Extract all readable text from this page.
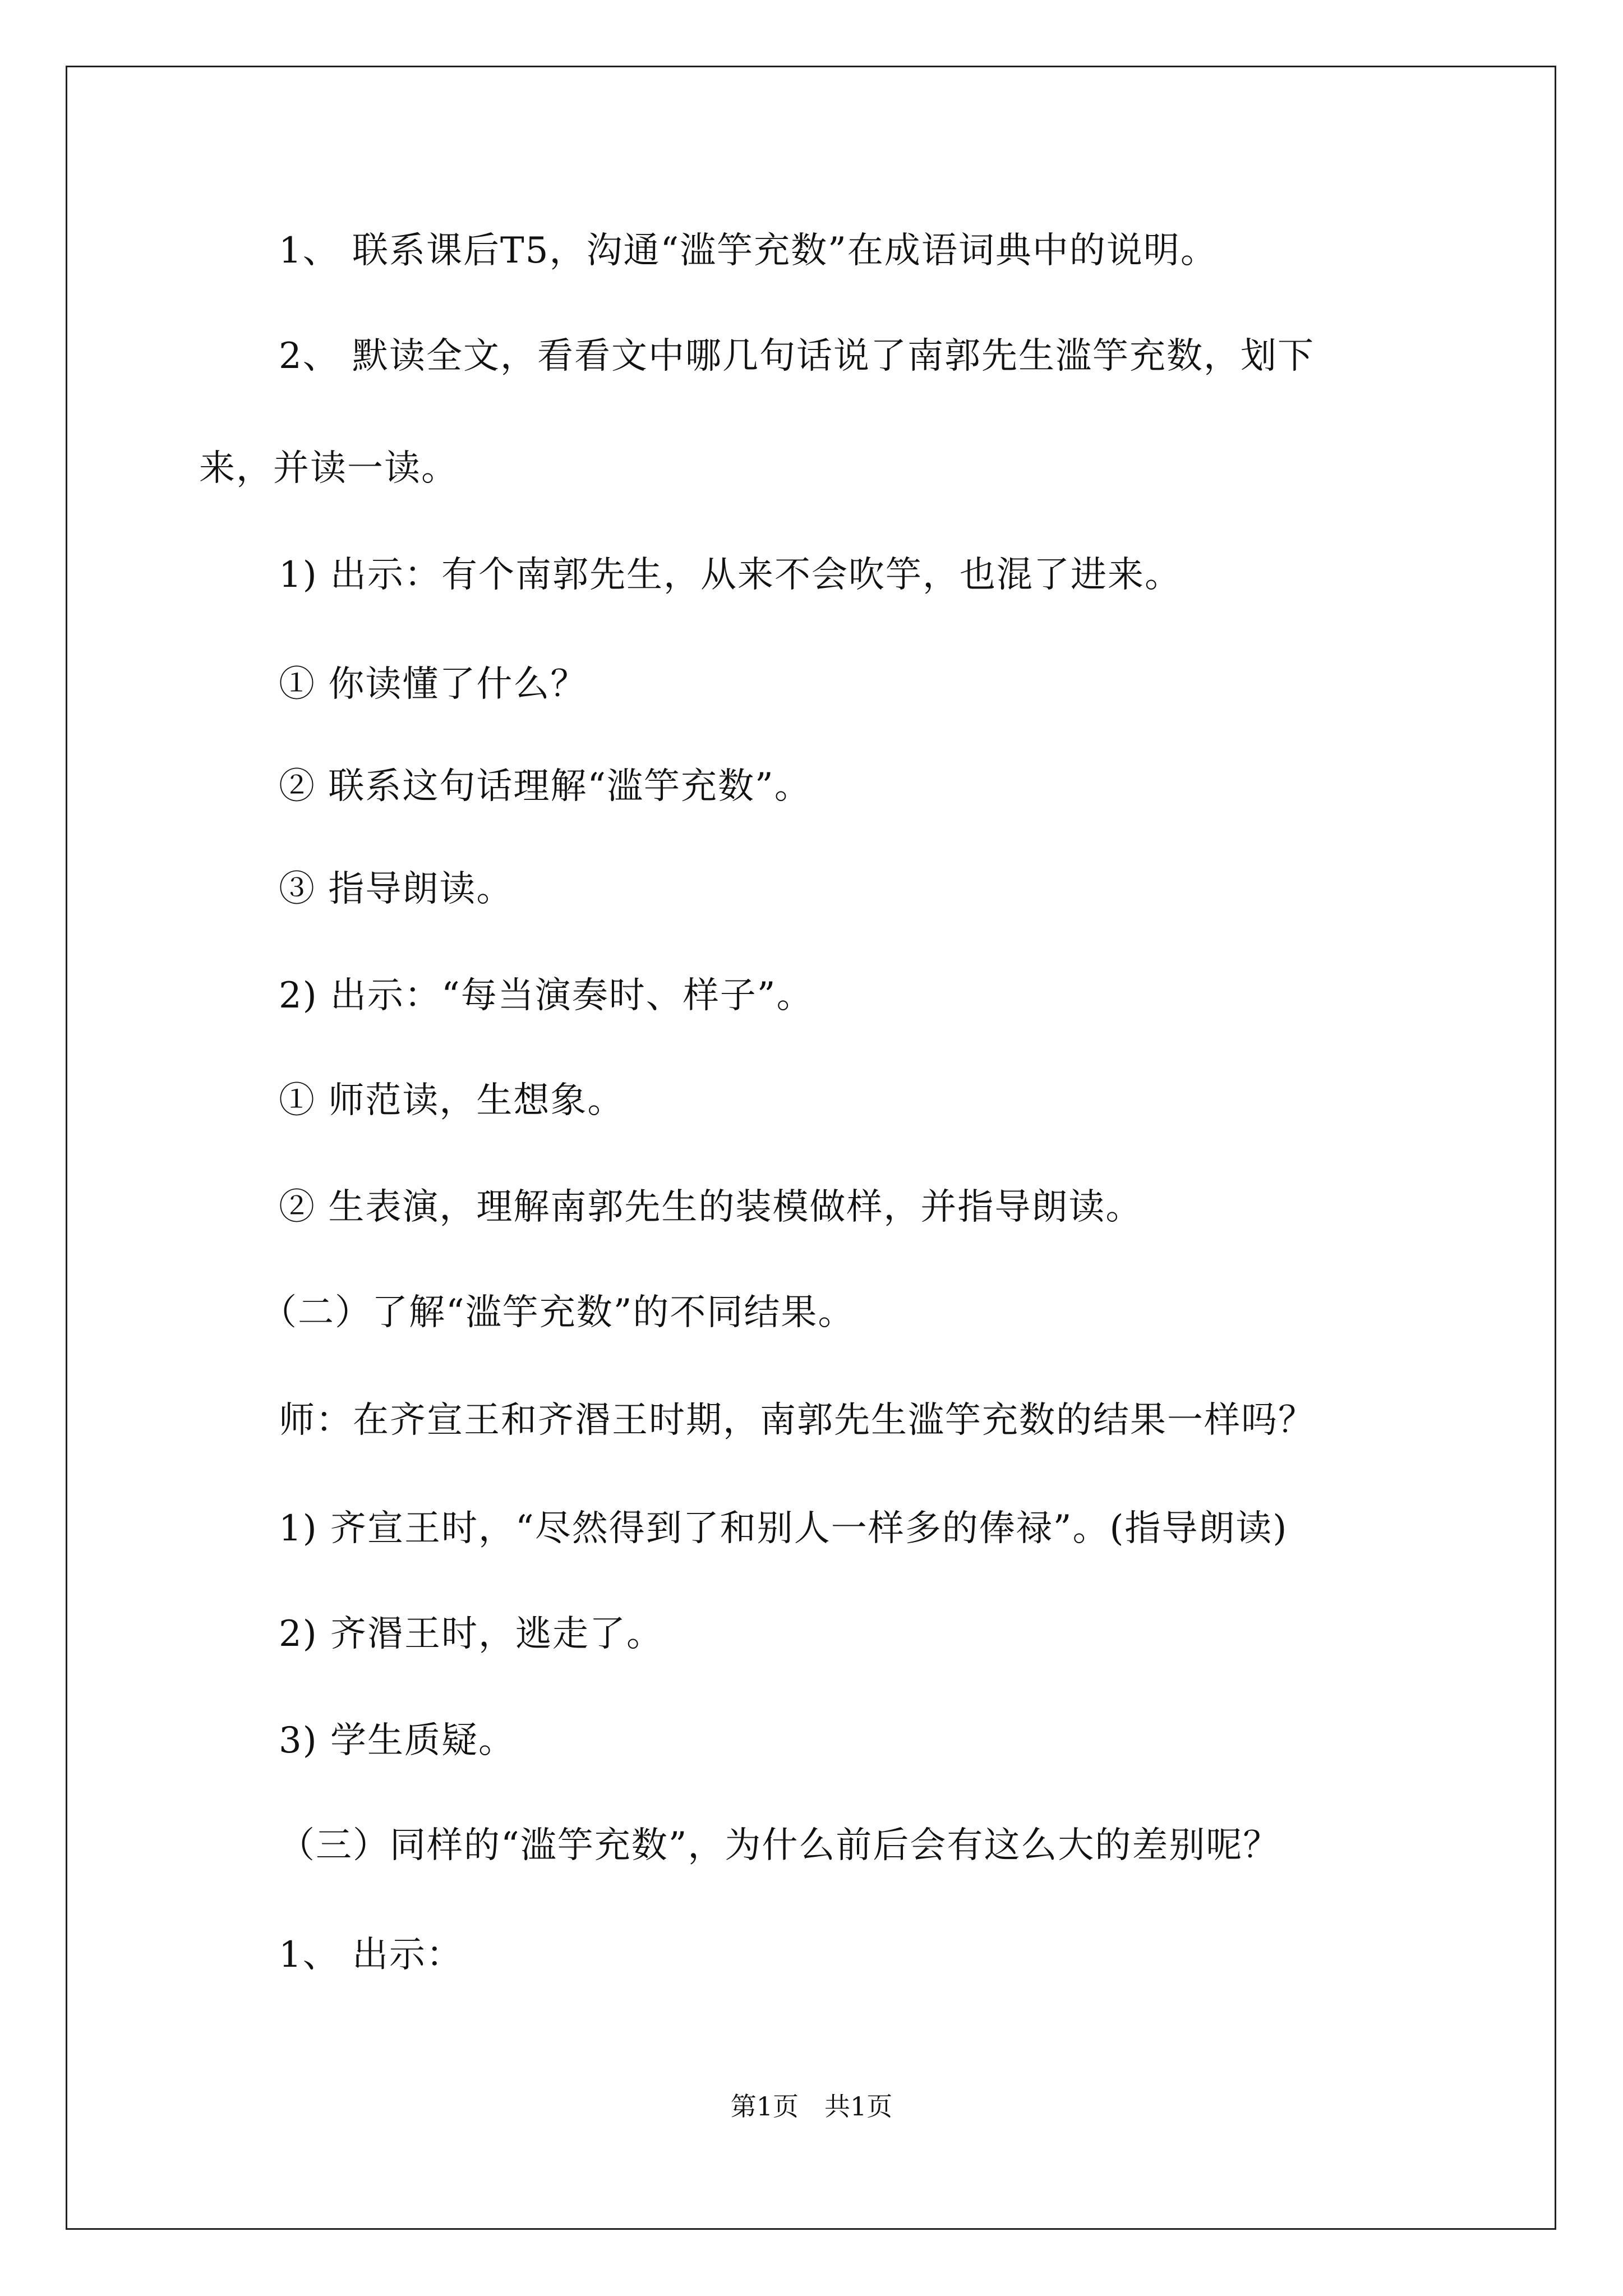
1、 联系课后T5，沟通“滥竽充数”在成语词典中的说明。
2、 默读全文，看看文中哪几句话说了南郭先生滥竽充数，划下
来，并读一读。
1) 出示：有个南郭先生，从来不会吹竽，也混了进来。
① 你读懂了什么？
② 联系这句话理解“滥竽充数”。
③ 指导朗读。
2) 出示：“每当演奏时、样子”。
① 师范读，生想象。
② 生表演，理解南郭先生的装模做样，并指导朗读。
（二）了解“滥竽充数”的不同结果。
师：在齐宣王和齐湣王时期，南郭先生滥竽充数的结果一样吗？
1) 齐宣王时，“尽然得到了和别人一样多的俸禄”。(指导朗读)
2) 齐湣王时，逃走了。
3) 学生质疑。
（三）同样的“滥竽充数”，为什么前后会有这么大的差别呢？
1、 出示：
第1页　共1页
